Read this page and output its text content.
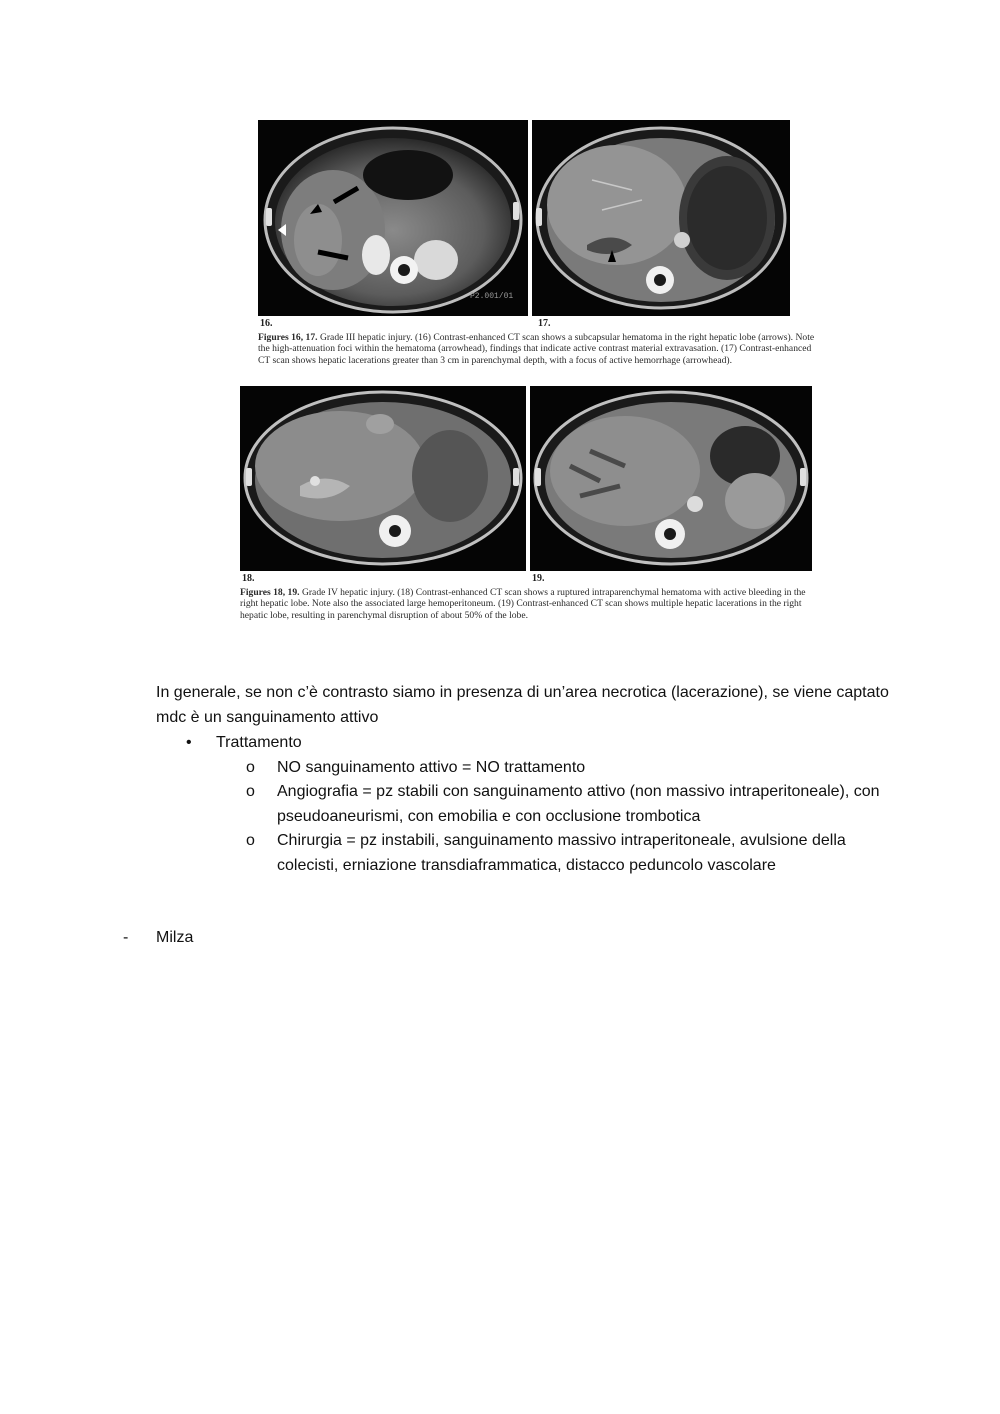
P2.001/01
16.	17.

Figures 16, 17. Grade III hepatic injury. (16) Contrast-enhanced CT scan shows a subcapsular hematoma in the right hepatic lobe (arrows). Note the high-attenuation foci within the hematoma (arrowhead), findings that indicate active contrast material extravasation. (17) Contrast-enhanced CT scan shows hepatic lacerations greater than 3 cm in parenchymal depth, with a focus of active hemorrhage (arrowhead).

18.	19.

Figures 18, 19. Grade IV hepatic injury. (18) Contrast-enhanced CT scan shows a ruptured intraparenchymal hematoma with active bleeding in the right hepatic lobe. Note also the associated large hemoperitoneum. (19) Contrast-enhanced CT scan shows multiple hepatic lacerations in the right hepatic lobe, resulting in parenchymal disruption of about 50% of the lobe.

In generale, se non c’è contrasto siamo in presenza di un’area necrotica (lacerazione), se viene captato mdc è un sanguinamento attivo
• Trattamento
o	NO sanguinamento attivo = NO trattamento
o	Angiografia = pz stabili con sanguinamento attivo (non massivo intraperitoneale), con pseudoaneurismi, con emobilia e con occlusione trombotica
o	Chirurgia = pz instabili, sanguinamento massivo intraperitoneale, avulsione della colecisti, erniazione transdiaframmatica, distacco peduncolo vascolare
- Milza
